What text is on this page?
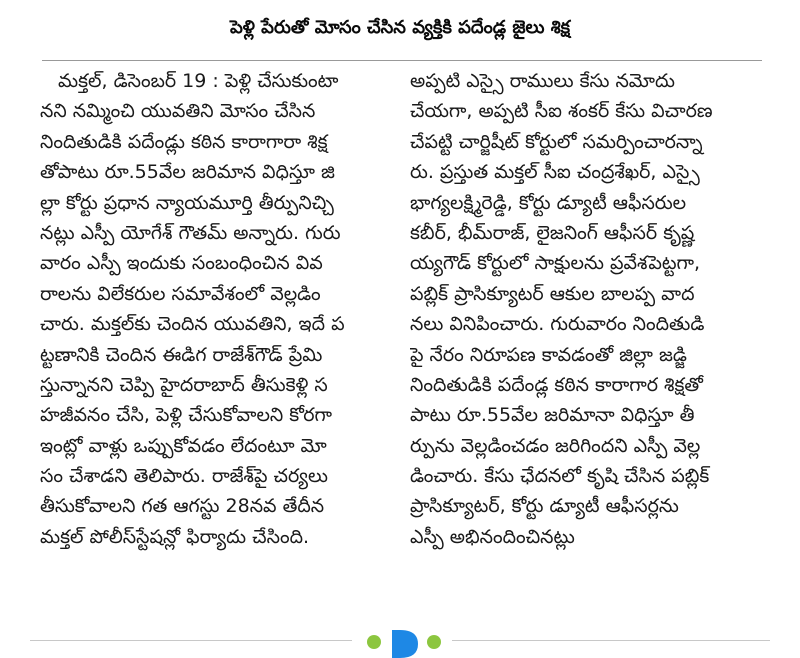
పెళ్లి పేరుతో మోసం చేసిన వ్యక్తికి పదేండ్ల జైలు శిక్ష
మక్తల్, డిసెంబర్ 19 : పెళ్లి చేసుకుంటా
నని నమ్మించి యువతిని మోసం చేసిన
నిందితుడికి పదేండ్లు కఠిన కారాగారా శిక్ష
తోపాటు రూ.55వేల జరిమాన విధిస్తూ జి
ల్లా కోర్టు ప్రధాన న్యాయమూర్తి తీర్పునిచ్చి
నట్లు ఎస్పీ యోగేశ్ గౌతమ్ అన్నారు. గురు
వారం ఎస్పీ ఇందుకు సంబంధించిన వివ
రాలను విలేకరుల సమావేశంలో వెల్లడిం
చారు. మక్తల్‌కు చెందిన యువతిని, ఇదే ప
ట్టణానికి చెందిన ఈడిగ రాజేశ్‌గౌడ్ ప్రేమి
స్తున్నానని చెప్పి హైదరాబాద్ తీసుకెళ్లి స
హజీవనం చేసి, పెళ్లి చేసుకోవాలని కోరగా
ఇంట్లో వాళ్లు ఒప్పుకోవడం లేదంటూ మో
సం చేశాడని తెలిపారు. రాజేశ్‌పై చర్యలు
తీసుకోవాలని గత ఆగస్టు 28నవ తేదీన
మక్తల్ పోలీస్‌స్టేషన్లో ఫిర్యాదు చేసింది.
అప్పటి ఎస్సై రాములు కేసు నమోదు
చేయగా, అప్పటి సీఐ శంకర్ కేసు విచారణ
చేపట్టి చార్జిషీట్ కోర్టులో సమర్పించారన్నా
రు. ప్రస్తుత మక్తల్ సీఐ చంద్రశేఖర్, ఎస్సై
భాగ్యలక్ష్మిరెడ్డి, కోర్టు డ్యూటీ ఆఫీసరుల
కబీర్, భీమ్‌రాజ్, లైజనింగ్ ఆఫీసర్ కృష్ణ
య్యగౌడ్ కోర్టులో సాక్షులను ప్రవేశపెట్టగా,
పబ్లిక్ ప్రాసిక్యూటర్ ఆకుల బాలప్ప వాద
నలు వినిపించారు. గురువారం నిందితుడి
పై నేరం నిరూపణ కావడంతో జిల్లా జడ్జి
నిందితుడికి పదేండ్ల కఠిన కారాగార శిక్షతో
పాటు రూ.55వేల జరిమానా విధిస్తూ తీ
ర్పును వెల్లడించడం జరిగిందని ఎస్పీ వెల్ల
డించారు. కేసు ఛేదనలో కృషి చేసిన పబ్లిక్
ప్రాసిక్యూటర్, కోర్టు డ్యూటీ ఆఫీసర్లను
ఎస్పీ అభినందించినట్లు
